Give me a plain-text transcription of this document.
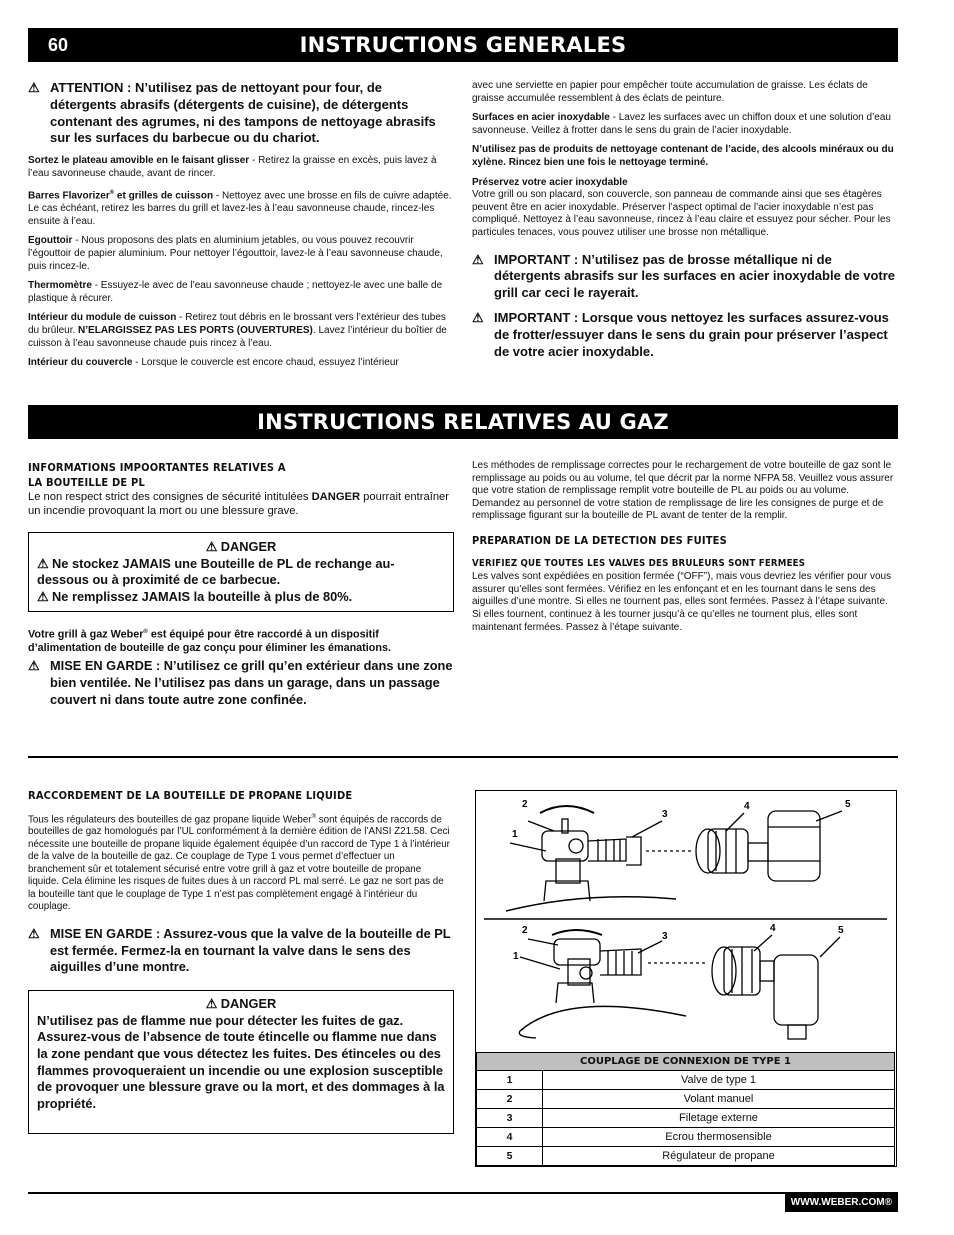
60	INSTRUCTIONS GENERALES
⚠ ATTENTION : N’utilisez pas de nettoyant pour four, de détergents abrasifs (détergents de cuisine), de détergents contenant des agrumes, ni des tampons de nettoyage abrasifs sur les surfaces du barbecue ou du chariot.

Sortez le plateau amovible en le faisant glisser - Retirez la graisse en excès, puis lavez à l’eau savonneuse chaude, avant de rincer.

Barres Flavorizer® et grilles de cuisson - Nettoyez avec une brosse en fils de cuivre adaptée. Le cas échéant, retirez les barres du grill et lavez-les à l’eau savonneuse chaude, rincez-les ensuite à l’eau.

Egouttoir - Nous proposons des plats en aluminium jetables, ou vous pouvez recouvrir l’égouttoir de papier aluminium. Pour nettoyer l’égouttoir, lavez-le à l’eau savonneuse chaude, puis rincez-le.

Thermomètre - Essuyez-le avec de l’eau savonneuse chaude ; nettoyez-le avec une balle de plastique à récurer.

Intérieur du module de cuisson - Retirez tout débris en le brossant vers l’extérieur des tubes du brûleur. N’ELARGISSEZ PAS LES PORTS (OUVERTURES). Lavez l’intérieur du boîtier de cuisson à l’eau savonneuse chaude puis rincez à l’eau.

Intérieur du couvercle - Lorsque le couvercle est encore chaud, essuyez l’intérieur

avec une serviette en papier pour empêcher toute accumulation de graisse. Les éclats de graisse accumulée ressemblent à des éclats de peinture.

Surfaces en acier inoxydable - Lavez les surfaces avec un chiffon doux et une solution d’eau savonneuse. Veillez à frotter dans le sens du grain de l’acier inoxydable.

N’utilisez pas de produits de nettoyage contenant de l’acide, des alcools minéraux ou du xylène. Rincez bien une fois le nettoyage terminé.

Préservez votre acier inoxydable
Votre grill ou son placard, son couvercle, son panneau de commande ainsi que ses étagères peuvent être en acier inoxydable. Préserver l’aspect optimal de l’acier inoxydable n’est pas compliqué. Nettoyez à l’eau savonneuse, rincez à l’eau claire et essuyez pour sécher. Pour les particules tenaces, vous pouvez utiliser une brosse non métallique.

⚠ IMPORTANT : N’utilisez pas de brosse métallique ni de détergents abrasifs sur les surfaces en acier inoxydable de votre grill car ceci le rayerait.
⚠ IMPORTANT : Lorsque vous nettoyez les surfaces assurez-vous de frotter/essuyer dans le sens du grain pour préserver l’aspect de votre acier inoxydable.
INSTRUCTIONS RELATIVES AU GAZ
INFORMATIONS IMPOORTANTES RELATIVES A
LA BOUTEILLE DE PL

Le non respect strict des consignes de sécurité intitulées DANGER pourrait entraîner un incendie provoquant la mort ou une blessure grave.

⚠ DANGER
⚠ Ne stockez JAMAIS une Bouteille de PL de rechange au-dessous ou à proximité de ce barbecue.
⚠ Ne remplissez JAMAIS la bouteille à plus de 80%.

Votre grill à gaz Weber® est équipé pour être raccordé à un dispositif d’alimentation de bouteille de gaz conçu pour éliminer les émanations.

⚠ MISE EN GARDE : N’utilisez ce grill qu’en extérieur dans une zone bien ventilée. Ne l’utilisez pas dans un garage, dans un passage couvert ni dans toute autre zone confinée.

Les méthodes de remplissage correctes pour le rechargement de votre bouteille de gaz sont le remplissage au poids ou au volume, tel que décrit par la norme NFPA 58. Veuillez vous assurer que votre station de remplissage remplit votre bouteille de PL au poids ou au volume. Demandez au personnel de votre station de remplissage de lire les consignes de purge et de remplissage figurant sur la bouteille de PL avant de tenter de la remplir.

PREPARATION DE LA DETECTION DES FUITES
VERIFIEZ QUE TOUTES LES VALVES DES BRULEURS SONT FERMEES

Les valves sont expédiées en position fermée (“OFF”), mais vous devriez les vérifier pour vous assurer qu’elles sont fermées. Vérifiez en les enfonçant et en les tournant dans le sens des aiguilles d’une montre. Si elles ne tournent pas, elles sont fermées. Passez à l’étape suivante. Si elles tournent, continuez à les tourner jusqu’à ce qu’elles ne tournent plus, elles sont maintenant fermées. Passez à l’étape suivante.

RACCORDEMENT DE LA BOUTEILLE DE PROPANE LIQUIDE

Tous les régulateurs des bouteilles de gaz propane liquide Weber® sont équipés de raccords de bouteilles de gaz homologués par l’UL conformément à la dernière édition de l’ANSI Z21.58. Ceci nécessite une bouteille de propane liquide également équipée d’un raccord de Type 1 à l’intérieur de la valve de la bouteille de gaz. Ce couplage de Type 1 vous permet d’effectuer un branchement sûr et totalement sécurisé entre votre grill à gaz et votre bouteille de propane liquide. Cela élimine les risques de fuites dues à un raccord PL mal serré. Le gaz ne sort pas de la bouteille tant que le couplage de Type 1 n’est pas complètement engagé à l’intérieur du couplage.

⚠ MISE EN GARDE : Assurez-vous que la valve de la bouteille de PL est fermée. Fermez-la en tournant la valve dans le sens des aiguilles d’une montre.
⚠ DANGER
N’utilisez pas de flamme nue pour détecter les fuites de gaz. Assurez-vous de l’absence de toute étincelle ou flamme nue dans la zone pendant que vous détectez les fuites. Des étinceles ou des flammes provoqueraient un incendie ou une explosion susceptible de provoquer une blessure grave ou la mort, et des dommages à la propriété.
1
2
3
4	5
1
2
3
4	5
COUPLAGE DE CONNEXION DE TYPE 1	
1	Valve de type 1
2	Volant manuel
3	Filetage externe
4	Ecrou thermosensible
5	Régulateur de propane
WWW.WEBER.COM®
